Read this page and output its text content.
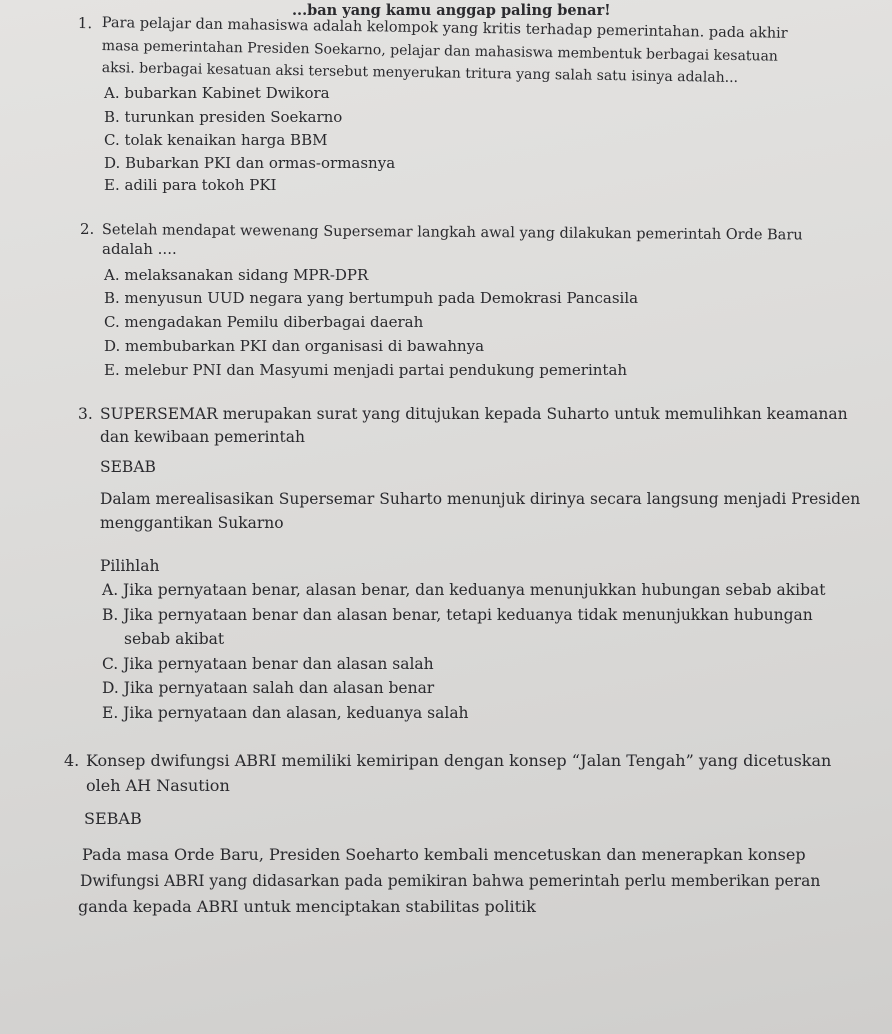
...ban yang kamu anggap paling benar!
1. Para pelajar dan mahasiswa adalah kelompok yang kritis terhadap pemerintahan. pada akhir
masa pemerintahan Presiden Soekarno, pelajar dan mahasiswa membentuk berbagai kesatuan
aksi. berbagai kesatuan aksi tersebut menyerukan tritura yang salah satu isinya adalah...
A. bubarkan Kabinet Dwikora
B. turunkan presiden Soekarno
C. tolak kenaikan harga BBM
D. Bubarkan PKI dan ormas-ormasnya
E. adili para tokoh PKI
2. Setelah mendapat wewenang Supersemar langkah awal yang dilakukan pemerintah Orde Baru
adalah ....
A. melaksanakan sidang MPR-DPR
B. menyusun UUD negara yang bertumpuh pada Demokrasi Pancasila
C. mengadakan Pemilu diberbagai daerah
D. membubarkan PKI dan organisasi di bawahnya
E. melebur PNI dan Masyumi menjadi partai pendukung pemerintah
3. SUPERSEMAR merupakan surat yang ditujukan kepada Suharto untuk memulihkan keamanan
dan kewibaan pemerintah
SEBAB
Dalam merealisasikan Supersemar Suharto menunjuk dirinya secara langsung menjadi Presiden
menggantikan Sukarno
Pilihlah
A. Jika pernyataan benar, alasan benar, dan keduanya menunjukkan hubungan sebab akibat
B. Jika pernyataan benar dan alasan benar, tetapi keduanya tidak menunjukkan hubungan
sebab akibat
C. Jika pernyataan benar dan alasan salah
D. Jika pernyataan salah dan alasan benar
E. Jika pernyataan dan alasan, keduanya salah
4. Konsep dwifungsi ABRI memiliki kemiripan dengan konsep “Jalan Tengah” yang dicetuskan
oleh AH Nasution
SEBAB
Pada masa Orde Baru, Presiden Soeharto kembali mencetuskan dan menerapkan konsep
Dwifungsi ABRI yang didasarkan pada pemikiran bahwa pemerintah perlu memberikan peran
ganda kepada ABRI untuk menciptakan stabilitas politik
